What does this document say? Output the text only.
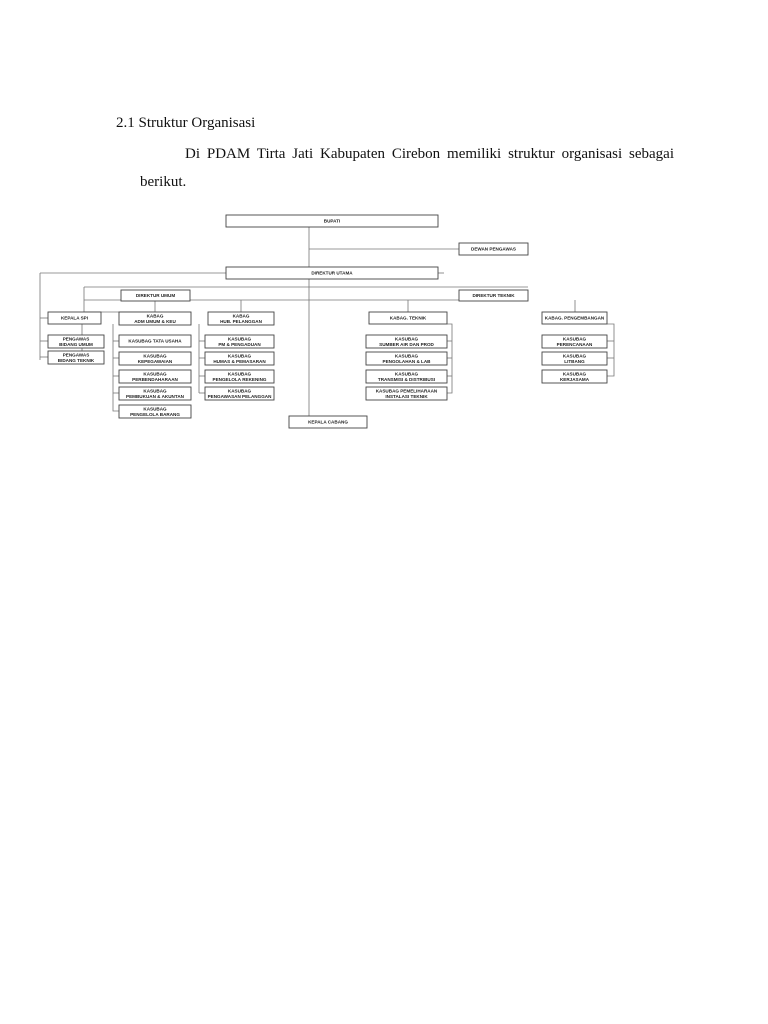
2.1 Struktur Organisasi
Di PDAM Tirta Jati Kabupaten Cirebon memiliki struktur organisasi sebagai berikut.
BUPATI
DEWAN PENGAWAS
DIREKTUR UTAMA
DIREKTUR UMUM	DIREKTUR TEKNIK
KEPALA SPI
PENGAWAS
BIDANG UMUM
PENGAWAS
BIDANG TEKNIK
KABAG
ADM UMUM & KEU
KASUBAG TATA USAHA
KASUBAG
KEPEGAWAIAN
KASUBAG
PERBENDAHARAAN
KASUBAG
PEMBUKUAN & AKUNTAN
KASUBAG
PENGELOLA BARANG
KABAG
HUB. PELANGGAN
KASUBAG
PM & PENGADUAN
KASUBAG
HUMAS & PEMASARAN
KASUBAG
PENGELOLA REKENING
KASUBAG
PENGAWASAN PELANGGAN
KABAG. TEKNIK
KASUBAG
SUMBER AIR DAN PROD
KASUBAG
PENGOLAHAN & LAB
KASUBAG
TRANSMISI & DISTRIBUSI
KASUBAG PEMELIHARAAN
INSTALASI TEKNIK
KABAG. PENGEMBANGAN
KASUBAG
PERENCANAAN
KASUBAG
LITBANG
KASUBAG
KERJASAMA
KEPALA CABANG
